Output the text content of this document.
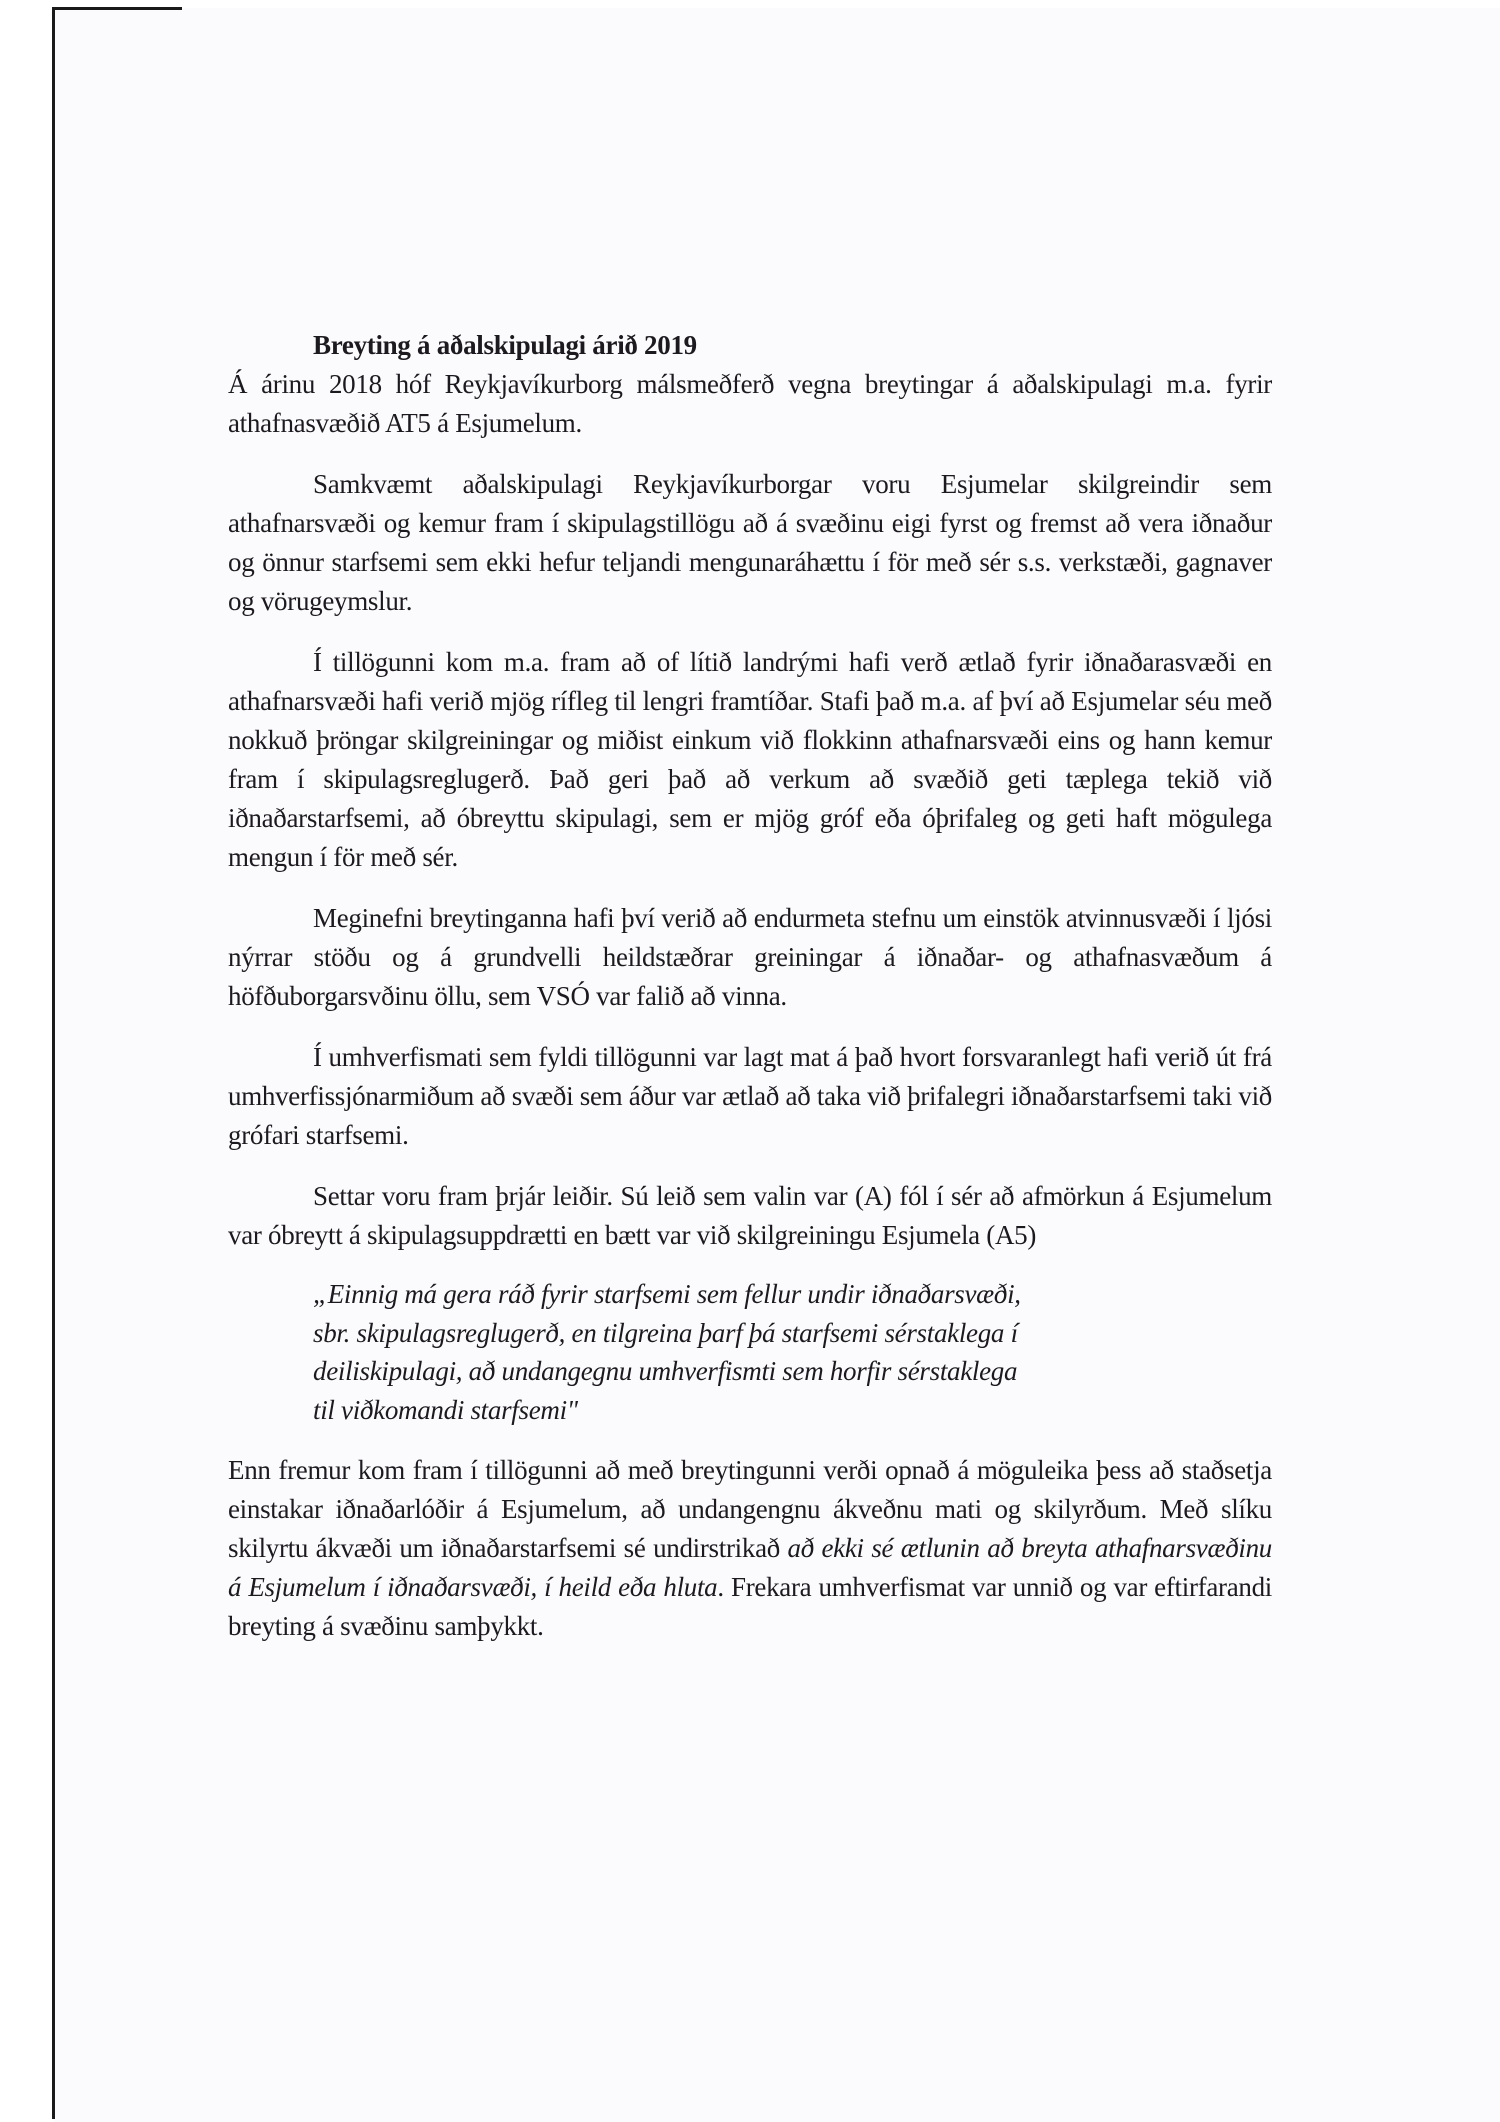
Breyting á aðalskipulagi árið 2019

Á árinu 2018 hóf Reykjavíkurborg málsmeðferð vegna breytingar á aðalskipulagi m.a. fyrir athafnasvæðið AT5 á Esjumelum.

Samkvæmt aðalskipulagi Reykjavíkurborgar voru Esjumelar skilgreindir sem athafnarsvæði og kemur fram í skipulagstillögu að á svæðinu eigi fyrst og fremst að vera iðnaður og önnur starfsemi sem ekki hefur teljandi mengunaráhættu í för með sér s.s. verkstæði, gagnaver og vörugeymslur.

Í tillögunni kom m.a. fram að of lítið landrými hafi verð ætlað fyrir iðnaðarasvæði en athafnarsvæði hafi verið mjög rífleg til lengri framtíðar. Stafi það m.a. af því að Esjumelar séu með nokkuð þröngar skilgreiningar og miðist einkum við flokkinn athafnarsvæði eins og hann kemur fram í skipulagsreglugerð. Það geri það að verkum að svæðið geti tæplega tekið við iðnaðarstarfsemi, að óbreyttu skipulagi, sem er mjög gróf eða óþrifaleg og geti haft mögulega mengun í för með sér.

Meginefni breytinganna hafi því verið að endurmeta stefnu um einstök atvinnusvæði í ljósi nýrrar stöðu og á grundvelli heildstæðrar greiningar á iðnaðar- og athafnasvæðum á höfðuborgarsvðinu öllu, sem VSÓ var falið að vinna.

Í umhverfismati sem fyldi tillögunni var lagt mat á það hvort forsvaranlegt hafi verið út frá umhverfissjónarmiðum að svæði sem áður var ætlað að taka við þrifalegri iðnaðarstarfsemi taki við grófari starfsemi.

Settar voru fram þrjár leiðir. Sú leið sem valin var (A) fól í sér að afmörkun á Esjumelum var óbreytt á skipulagsuppdrætti en bætt var við skilgreiningu Esjumela (A5)

„Einnig má gera ráð fyrir starfsemi sem fellur undir iðnaðarsvæði,
sbr. skipulagsreglugerð, en tilgreina þarf þá starfsemi sérstaklega í
deiliskipulagi, að undangegnu umhverfismti sem horfir sérstaklega
til viðkomandi starfsemi"

Enn fremur kom fram í tillögunni að með breytingunni verði opnað á möguleika þess að staðsetja einstakar iðnaðarlóðir á Esjumelum, að undangengnu ákveðnu mati og skilyrðum. Með slíku skilyrtu ákvæði um iðnaðarstarfsemi sé undirstrikað að ekki sé ætlunin að breyta athafnarsvæðinu á Esjumelum í iðnaðarsvæði, í heild eða hluta. Frekara umhverfismat var unnið og var eftirfarandi breyting á svæðinu samþykkt.
